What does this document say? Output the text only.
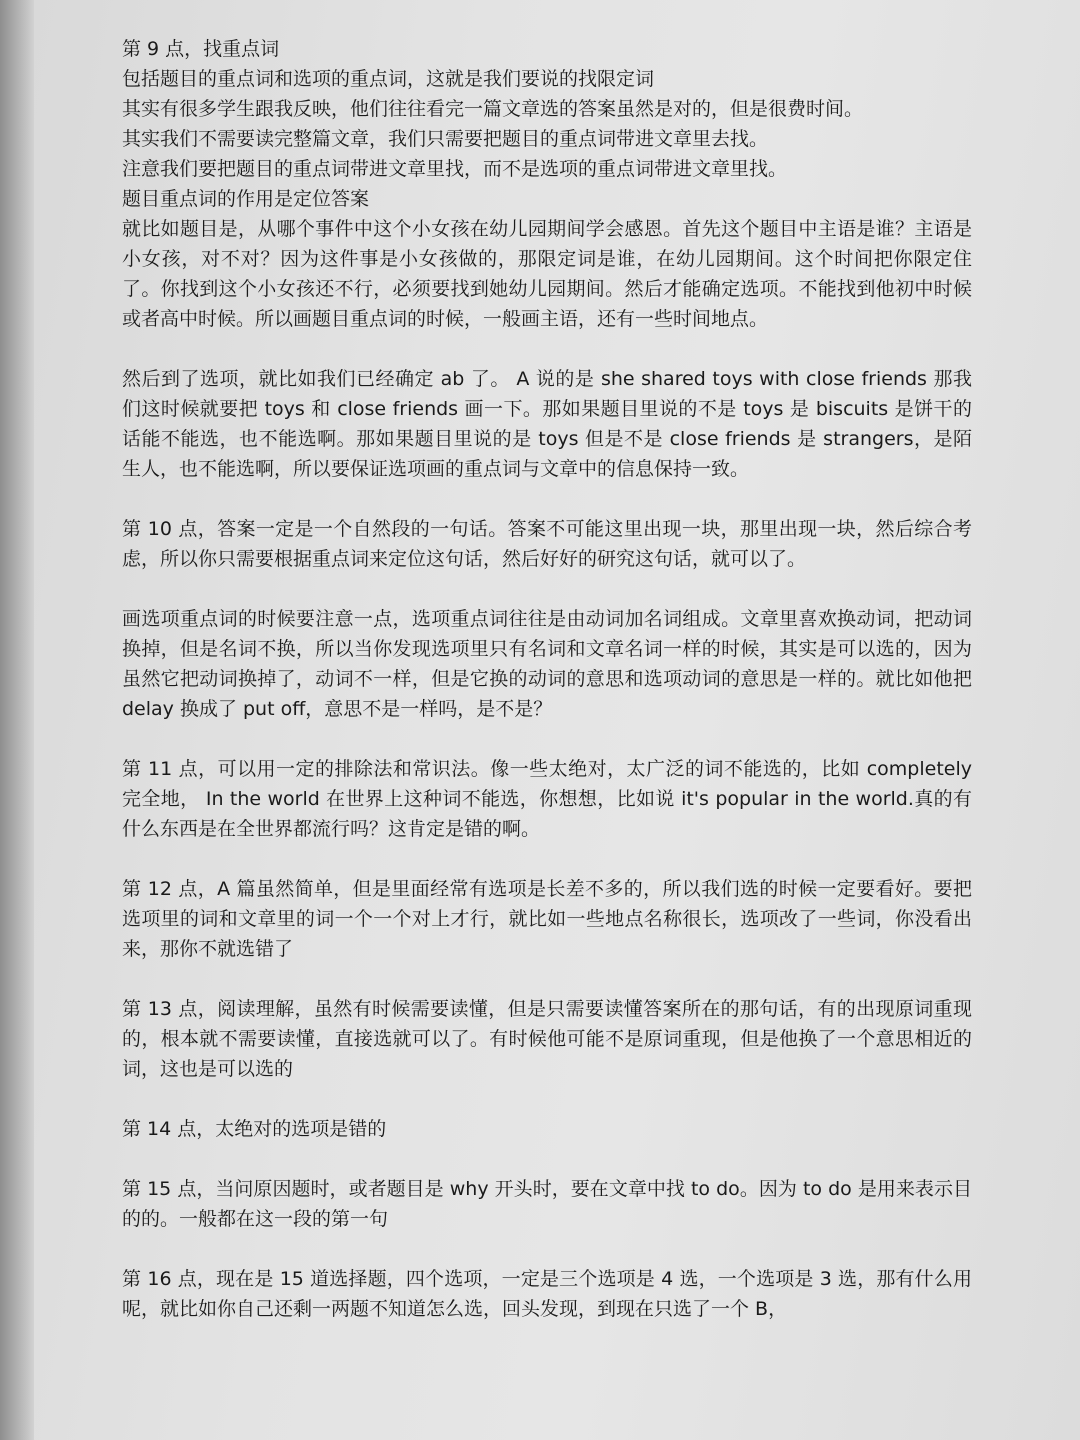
第 9 点，找重点词

包括题目的重点词和选项的重点词，这就是我们要说的找限定词

其实有很多学生跟我反映，他们往往看完一篇文章选的答案虽然是对的，但是很费时间。

其实我们不需要读完整篇文章，我们只需要把题目的重点词带进文章里去找。

注意我们要把题目的重点词带进文章里找，而不是选项的重点词带进文章里找。

题目重点词的作用是定位答案

就比如题目是，从哪个事件中这个小女孩在幼儿园期间学会感恩。首先这个题目中主语是谁？主语是小女孩，对不对？因为这件事是小女孩做的，那限定词是谁，在幼儿园期间。这个时间把你限定住了。你找到这个小女孩还不行，必须要找到她幼儿园期间。然后才能确定选项。不能找到他初中时候或者高中时候。所以画题目重点词的时候，一般画主语，还有一些时间地点。

然后到了选项，就比如我们已经确定 ab 了。 A 说的是 she shared toys with close friends 那我们这时候就要把 toys 和 close friends 画一下。那如果题目里说的不是 toys 是 biscuits 是饼干的话能不能选，也不能选啊。那如果题目里说的是 toys 但是不是 close friends 是 strangers，是陌生人，也不能选啊，所以要保证选项画的重点词与文章中的信息保持一致。

第 10 点，答案一定是一个自然段的一句话。答案不可能这里出现一块，那里出现一块，然后综合考虑，所以你只需要根据重点词来定位这句话，然后好好的研究这句话，就可以了。

画选项重点词的时候要注意一点，选项重点词往往是由动词加名词组成。文章里喜欢换动词，把动词换掉，但是名词不换，所以当你发现选项里只有名词和文章名词一样的时候，其实是可以选的，因为虽然它把动词换掉了，动词不一样，但是它换的动词的意思和选项动词的意思是一样的。就比如他把 delay 换成了 put off，意思不是一样吗，是不是？

第 11 点，可以用一定的排除法和常识法。像一些太绝对，太广泛的词不能选的，比如 completely 完全地， In the world 在世界上这种词不能选，你想想，比如说 it's popular in the world.真的有什么东西是在全世界都流行吗？这肯定是错的啊。

第 12 点，A 篇虽然简单，但是里面经常有选项是长差不多的，所以我们选的时候一定要看好。要把选项里的词和文章里的词一个一个对上才行，就比如一些地点名称很长，选项改了一些词，你没看出来，那你不就选错了

第 13 点，阅读理解，虽然有时候需要读懂，但是只需要读懂答案所在的那句话，有的出现原词重现的，根本就不需要读懂，直接选就可以了。有时候他可能不是原词重现，但是他换了一个意思相近的词，这也是可以选的

第 14 点，太绝对的选项是错的

第 15 点，当问原因题时，或者题目是 why 开头时，要在文章中找 to do。因为 to do 是用来表示目的的。一般都在这一段的第一句

第 16 点，现在是 15 道选择题，四个选项，一定是三个选项是 4 选，一个选项是 3 选，那有什么用呢，就比如你自己还剩一两题不知道怎么选，回头发现，到现在只选了一个 B，
